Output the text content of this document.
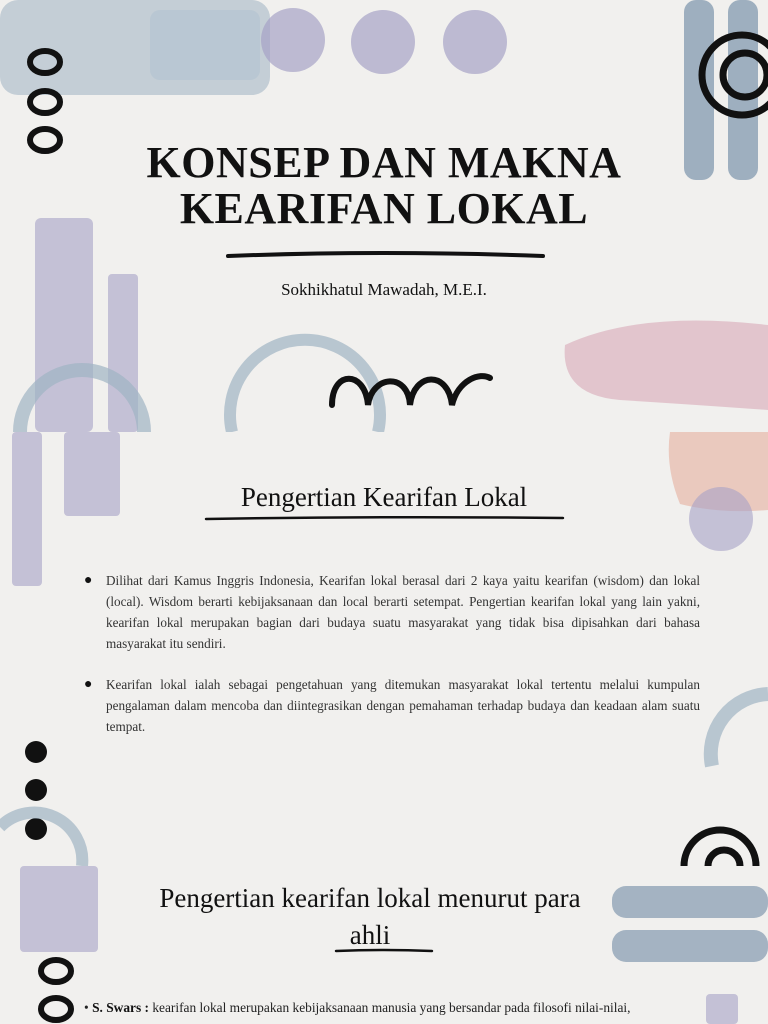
KONSEP DAN MAKNA
KEARIFAN LOKAL
Sokhikhatul Mawadah, M.E.I.
Pengertian Kearifan Lokal
● Dilihat dari Kamus Inggris Indonesia, Kearifan lokal berasal dari 2 kaya yaitu kearifan (wisdom) dan lokal (local). Wisdom berarti kebijaksanaan dan local berarti setempat. Pengertian kearifan lokal yang lain yakni, kearifan lokal merupakan bagian dari budaya suatu masyarakat yang tidak bisa dipisahkan dari bahasa masyarakat itu sendiri.
● Kearifan lokal ialah sebagai pengetahuan yang ditemukan masyarakat lokal tertentu melalui kumpulan pengalaman dalam mencoba dan diintegrasikan dengan pemahaman terhadap budaya dan keadaan alam suatu tempat.
Pengertian kearifan lokal menurut para
ahli
• S. Swars : kearifan lokal merupakan kebijaksanaan manusia yang bersandar pada filosofi nilai-nilai,
